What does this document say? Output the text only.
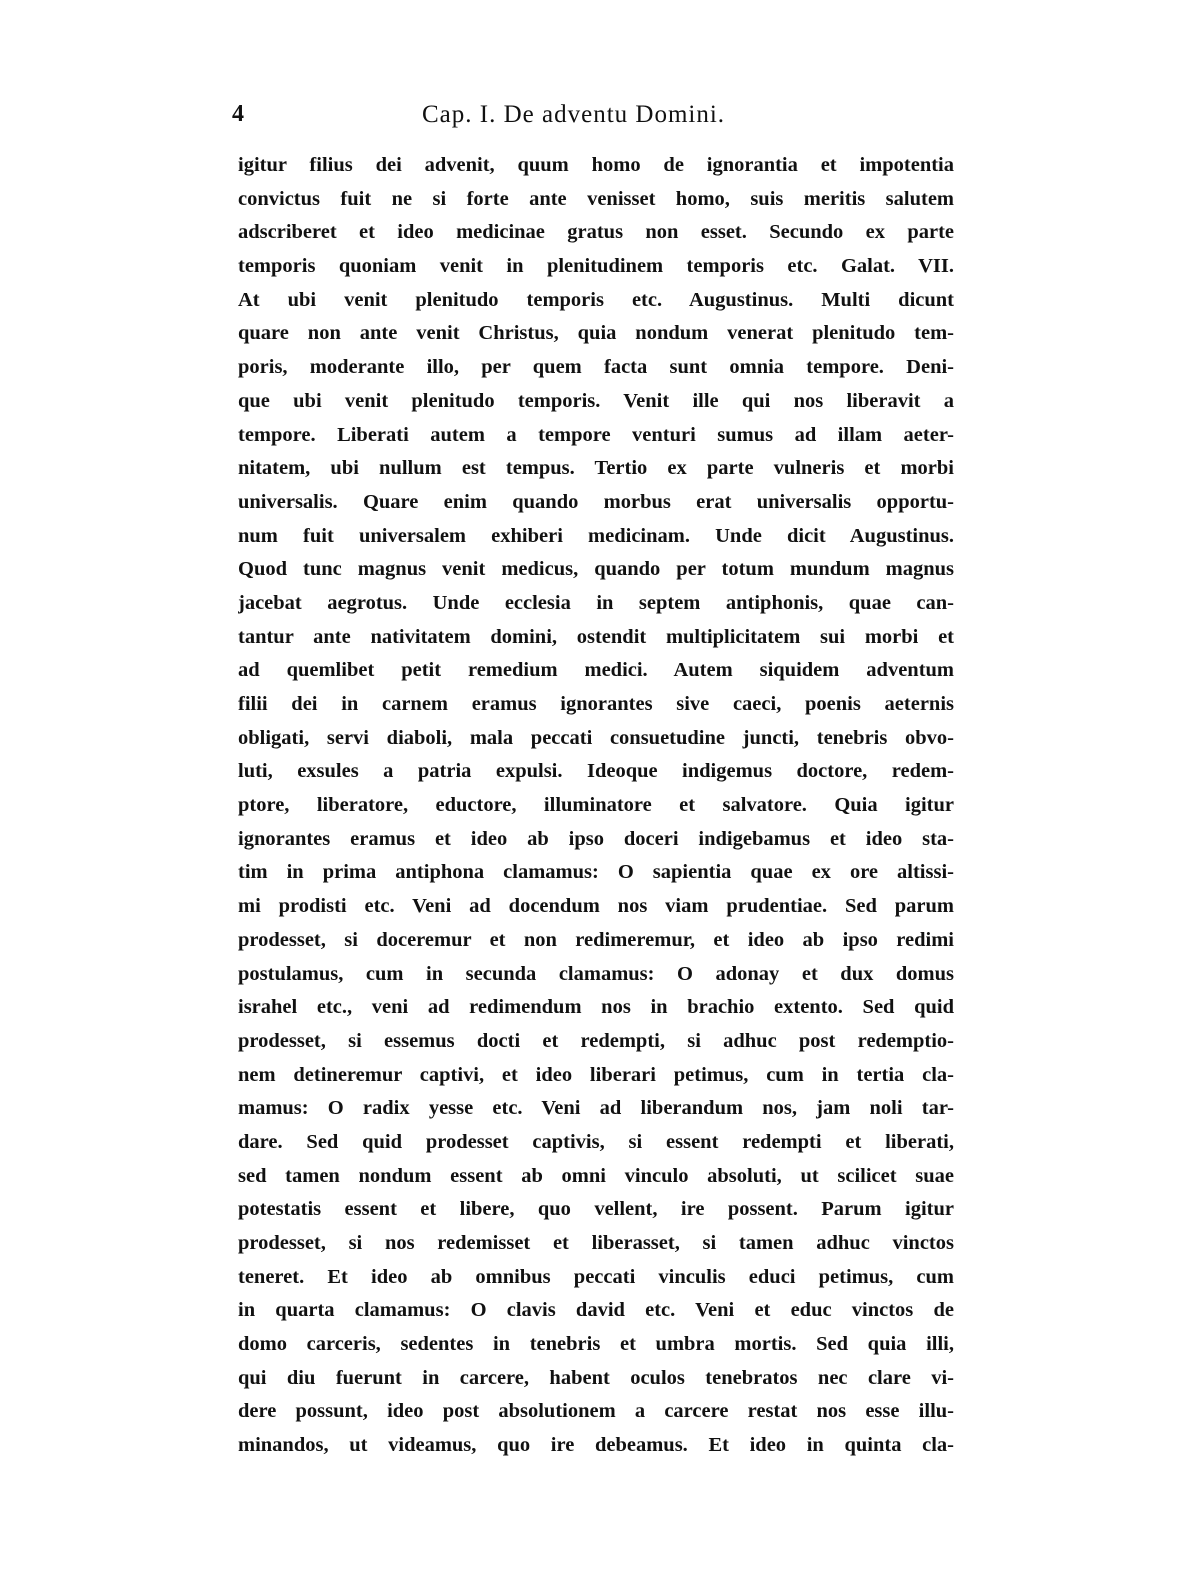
4	Cap. I. De adventu Domini.
igitur filius dei advenit, quum homo de ignorantia et impotentia
convictus fuit ne si forte ante venisset homo, suis meritis salutem
adscriberet et ideo medicinae gratus non esset. Secundo ex parte
temporis quoniam venit in plenitudinem temporis etc. Galat. VII.
At ubi venit plenitudo temporis etc. Augustinus. Multi dicunt
quare non ante venit Christus, quia nondum venerat plenitudo tem-
poris, moderante illo, per quem facta sunt omnia tempore. Deni-
que ubi venit plenitudo temporis. Venit ille qui nos liberavit a
tempore. Liberati autem a tempore venturi sumus ad illam aeter-
nitatem, ubi nullum est tempus. Tertio ex parte vulneris et morbi
universalis. Quare enim quando morbus erat universalis opportu-
num fuit universalem exhiberi medicinam. Unde dicit Augustinus.
Quod tunc magnus venit medicus, quando per totum mundum magnus
jacebat aegrotus. Unde ecclesia in septem antiphonis, quae can-
tantur ante nativitatem domini, ostendit multiplicitatem sui morbi et
ad quemlibet petit remedium medici. Autem siquidem adventum
filii dei in carnem eramus ignorantes sive caeci, poenis aeternis
obligati, servi diaboli, mala peccati consuetudine juncti, tenebris obvo-
luti, exsules a patria expulsi. Ideoque indigemus doctore, redem-
ptore, liberatore, eductore, illuminatore et salvatore. Quia igitur
ignorantes eramus et ideo ab ipso doceri indigebamus et ideo sta-
tim in prima antiphona clamamus: O sapientia quae ex ore altissi-
mi prodisti etc. Veni ad docendum nos viam prudentiae. Sed parum
prodesset, si doceremur et non redimeremur, et ideo ab ipso redimi
postulamus, cum in secunda clamamus: O adonay et dux domus
israhel etc., veni ad redimendum nos in brachio extento. Sed quid
prodesset, si essemus docti et redempti, si adhuc post redemptio-
nem detineremur captivi, et ideo liberari petimus, cum in tertia cla-
mamus: O radix yesse etc. Veni ad liberandum nos, jam noli tar-
dare. Sed quid prodesset captivis, si essent redempti et liberati,
sed tamen nondum essent ab omni vinculo absoluti, ut scilicet suae
potestatis essent et libere, quo vellent, ire possent. Parum igitur
prodesset, si nos redemisset et liberasset, si tamen adhuc vinctos
teneret. Et ideo ab omnibus peccati vinculis educi petimus, cum
in quarta clamamus: O clavis david etc. Veni et educ vinctos de
domo carceris, sedentes in tenebris et umbra mortis. Sed quia illi,
qui diu fuerunt in carcere, habent oculos tenebratos nec clare vi-
dere possunt, ideo post absolutionem a carcere restat nos esse illu-
minandos, ut videamus, quo ire debeamus. Et ideo in quinta cla-
